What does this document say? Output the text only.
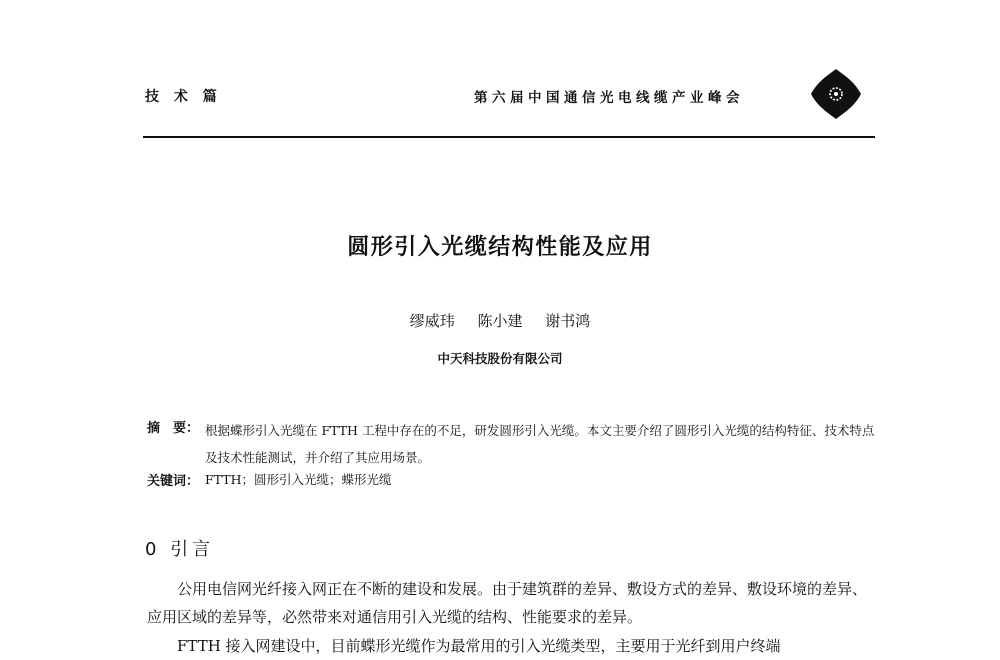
技 术 篇	第六届中国通信光电线缆产业峰会
圆形引入光缆结构性能及应用
缪威玮 陈小建 谢书鸿
中天科技股份有限公司
摘　要： 根据蝶形引入光缆在 FTTH 工程中存在的不足，研发圆形引入光缆。本文主要介绍了圆形引入光缆的结构特征、技术特点及技术性能测试，并介绍了其应用场景。
关键词： FTTH；圆形引入光缆；蝶形光缆
0 引言
公用电信网光纤接入网正在不断的建设和发展。由于建筑群的差异、敷设方式的差异、敷设环境的差异、应用区域的差异等，必然带来对通信用引入光缆的结构、性能要求的差异。
FTTH 接入网建设中，目前蝶形光缆作为最常用的引入光缆类型，主要用于光纤到用户终端
